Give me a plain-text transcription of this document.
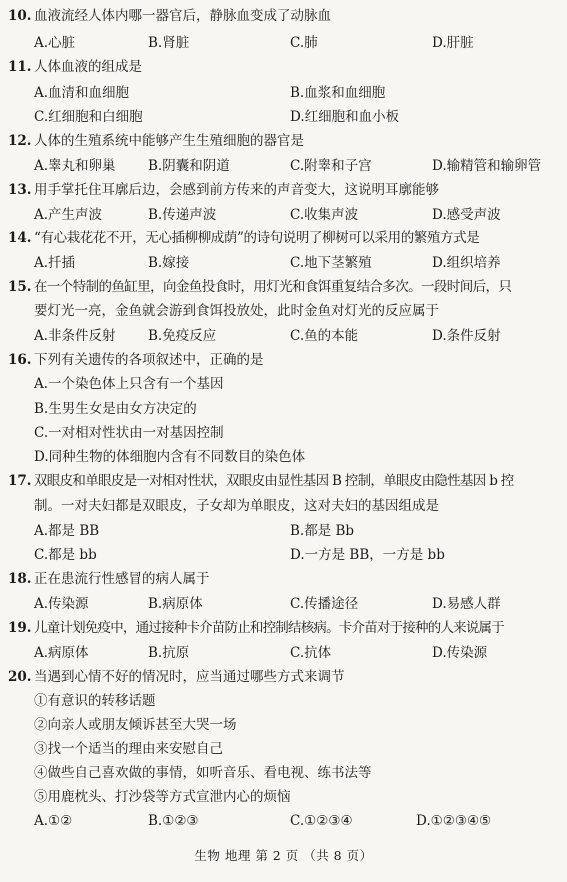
10. 血液流经人体内哪一器官后，静脉血变成了动脉血
A.心脏	B.肾脏	C.肺	D.肝脏
11. 人体血液的组成是
A.血清和血细胞	B.血浆和血细胞
C.红细胞和白细胞	D.红细胞和血小板
12. 人体的生殖系统中能够产生生殖细胞的器官是
A.睾丸和卵巢 B.阴囊和阴道	C.附睾和子宫	D.输精管和输卵管
13. 用手掌托住耳廓后边，会感到前方传来的声音变大，这说明耳廓能够
A.产生声波	B.传递声波	C.收集声波	D.感受声波
14. “有心栽花花不开，无心插柳柳成荫”的诗句说明了柳树可以采用的繁殖方式是
A.扦插	B.嫁接	C.地下茎繁殖	D.组织培养
15. 在一个特制的鱼缸里，向金鱼投食时，用灯光和食饵重复结合多次。一段时间后，只
要灯光一亮，金鱼就会游到食饵投放处，此时金鱼对灯光的反应属于
A.非条件反射 B.免疫反应	C.鱼的本能	D.条件反射
16. 下列有关遗传的各项叙述中，正确的是
A.一个染色体上只含有一个基因
B.生男生女是由女方决定的
C.一对相对性状由一对基因控制
D.同种生物的体细胞内含有不同数目的染色体
17. 双眼皮和单眼皮是一对相对性状，双眼皮由显性基因 B 控制，单眼皮由隐性基因 b 控
制。一对夫妇都是双眼皮，子女却为单眼皮，这对夫妇的基因组成是
A.都是 BB	B.都是 Bb
C.都是 bb	D.一方是 BB，一方是 bb
18. 正在患流行性感冒的病人属于
A.传染源	B.病原体	C.传播途径	D.易感人群
19. 儿童计划免疫中，通过接种卡介苗防止和控制结核病。卡介苗对于接种的人来说属于
A.病原体	B.抗原	C.抗体	D.传染源
20. 当遇到心情不好的情况时，应当通过哪些方式来调节
①有意识的转移话题
②向亲人或朋友倾诉甚至大哭一场
③找一个适当的理由来安慰自己
④做些自己喜欢做的事情，如听音乐、看电视、练书法等
⑤用鹿枕头、打沙袋等方式宣泄内心的烦恼
A.①②	B.①②③	C.①②③④	D.①②③④⑤
生物 地理 第 2 页 （共 8 页）
